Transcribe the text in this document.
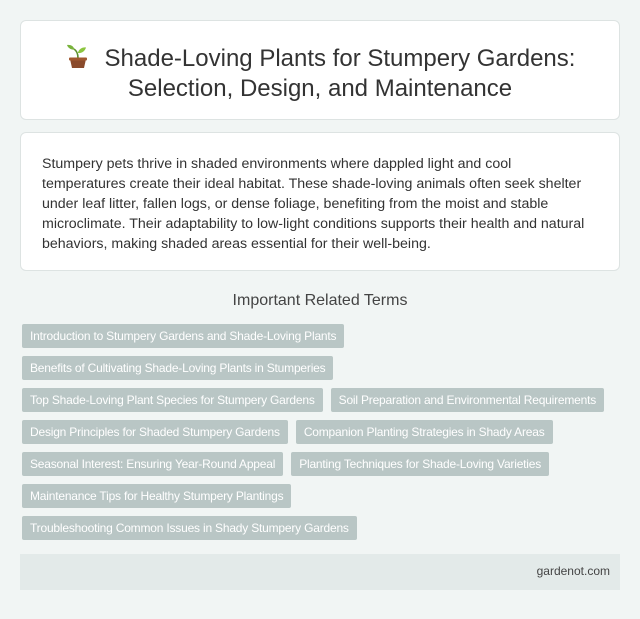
Shade-Loving Plants for Stumpery Gardens:
Selection, Design, and Maintenance

Stumpery pets thrive in shaded environments where dappled light and cool temperatures create their ideal habitat. These shade-loving animals often seek shelter under leaf litter, fallen logs, or dense foliage, benefiting from the moist and stable microclimate. Their adaptability to low-light conditions supports their health and natural behaviors, making shaded areas essential for their well-being.

Important Related Terms
Introduction to Stumpery Gardens and Shade-Loving Plants
Benefits of Cultivating Shade-Loving Plants in Stumperies
Top Shade-Loving Plant Species for Stumpery Gardens	Soil Preparation and Environmental Requirements
Design Principles for Shaded Stumpery Gardens	Companion Planting Strategies in Shady Areas
Seasonal Interest: Ensuring Year-Round Appeal	Planting Techniques for Shade-Loving Varieties
Maintenance Tips for Healthy Stumpery Plantings
Troubleshooting Common Issues in Shady Stumpery Gardens
gardenot.com
